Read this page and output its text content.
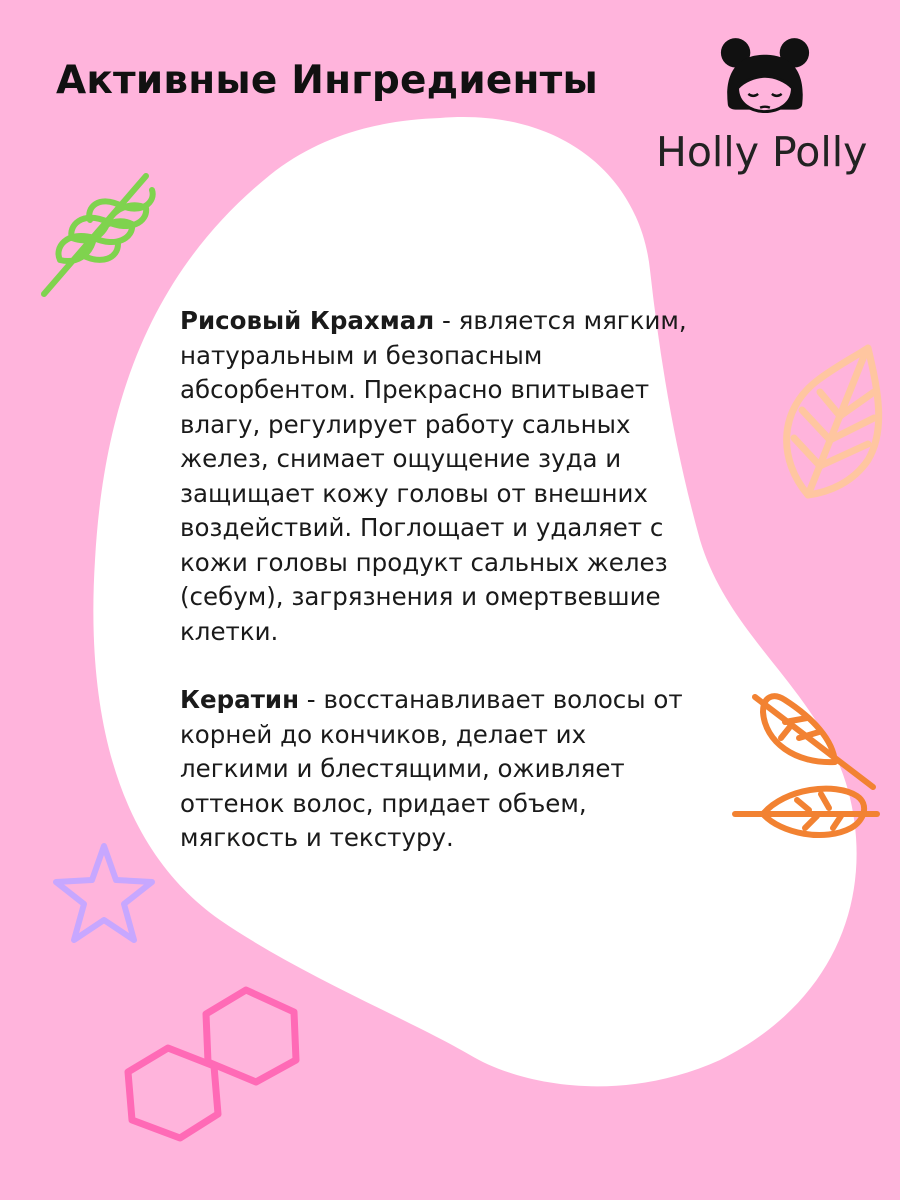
Активные Ингредиенты
Holly Polly

Рисовый Крахмал - является мягким, натуральным и безопасным абсорбентом. Прекрасно впитывает влагу, регулирует работу сальных желез, снимает ощущение зуда и защищает кожу головы от внешних воздействий. Поглощает и удаляет с кожи головы продукт сальных желез (себум), загрязнения и омертвевшие клетки.

Кератин - восстанавливает волосы от корней до кончиков, делает их легкими и блестящими, оживляет оттенок волос, придает объем, мягкость и текстуру.
